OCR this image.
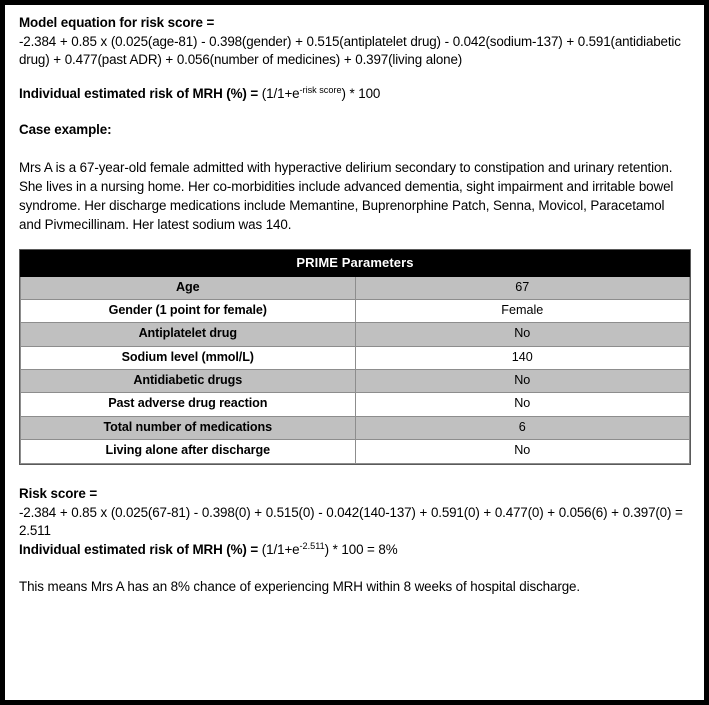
Model equation for risk score =
-2.384 + 0.85 x (0.025(age-81) - 0.398(gender) + 0.515(antiplatelet drug) - 0.042(sodium-137) + 0.591(antidiabetic drug) + 0.477(past ADR) + 0.056(number of medicines) + 0.397(living alone)
Individual estimated risk of MRH (%) = $(1/1+e^{-risk score}) * 100$
Case example:
Mrs A is a 67-year-old female admitted with hyperactive delirium secondary to constipation and urinary retention. She lives in a nursing home. Her co-morbidities include advanced dementia, sight impairment and irritable bowel syndrome. Her discharge medications include Memantine, Buprenorphine Patch, Senna, Movicol, Paracetamol and Pivmecillinam. Her latest sodium was 140.
PRIME Parameters	
Age	67
Gender (1 point for female)	Female
Antiplatelet drug	No
Sodium level (mmol/L)	140
Antidiabetic drugs	No
Past adverse drug reaction	No
Total number of medications	6
Living alone after discharge	No
Risk score =
-2.384 + 0.85 x (0.025(67-81) - 0.398(0) + 0.515(0) - 0.042(140-137) + 0.591(0) + 0.477(0) + 0.056(6) + 0.397(0) = 2.511
Individual estimated risk of MRH (%) = $(1/1+e^{-2.511}) * 100 = 8\%$
This means Mrs A has an 8% chance of experiencing MRH within 8 weeks of hospital discharge.
